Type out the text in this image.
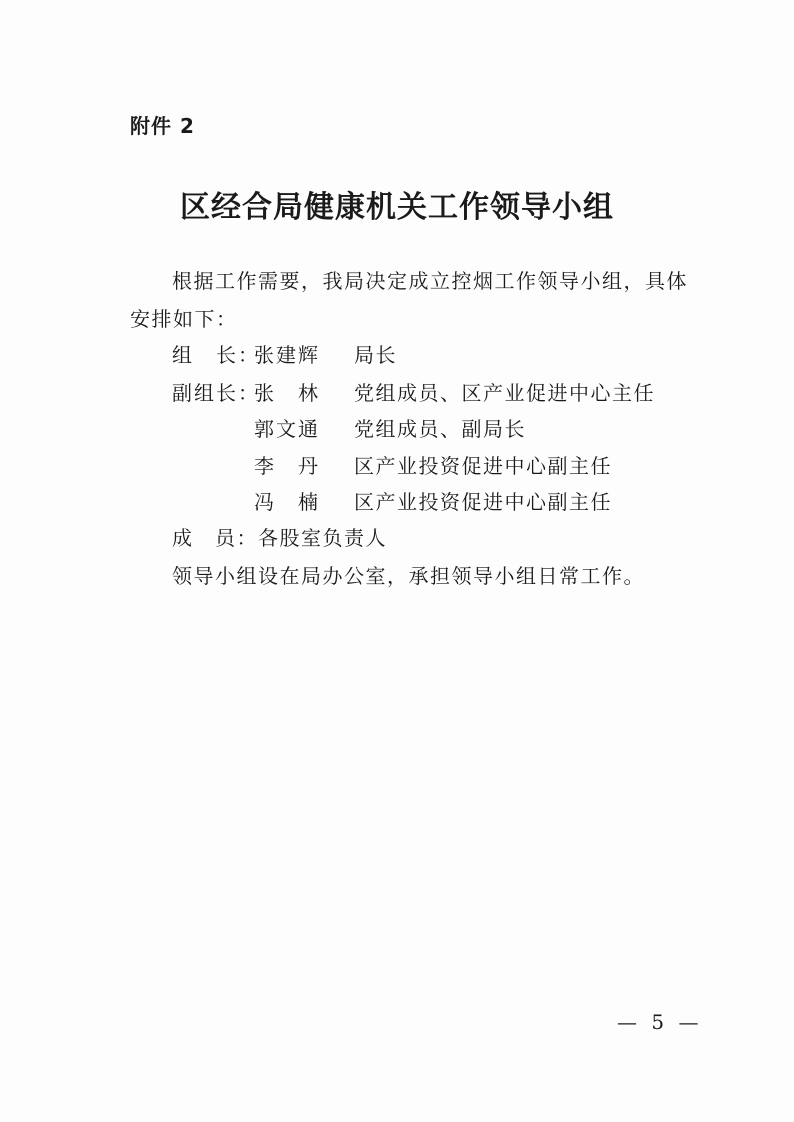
附件 2
区经合局健康机关工作领导小组
根据工作需要，我局决定成立控烟工作领导小组，具体安排如下：
组　长：
张建辉 局长
副组长：
张　林 党组成员、区产业促进中心主任
郭文通 党组成员、副局长
李　丹 区产业投资促进中心副主任
冯　楠 区产业投资促进中心副主任
成　员：各股室负责人
领导小组设在局办公室，承担领导小组日常工作。
— 5 —
